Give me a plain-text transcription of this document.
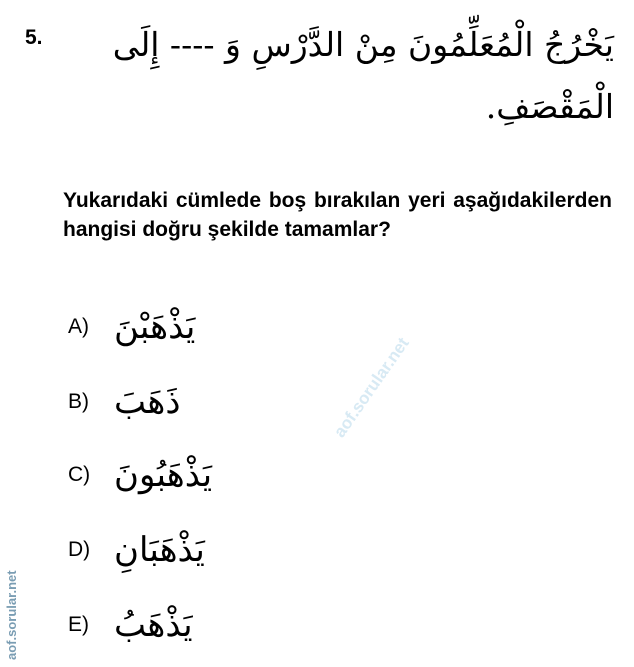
5.	يَخْرُجُ الْمُعَلِّمُونَ مِنْ الدَّرْسِ وَ ---- إِلَى
الْمَقْصَفِ.
Yukarıdaki cümlede boş bırakılan yeri aşağıdakilerden hangisi doğru şekilde tamamlar?
A) يَذْهَبْنَ
B) ذَهَبَ
C) يَذْهَبُونَ
D) يَذْهَبَانِ
E) يَذْهَبُ
aof.sorular.net
aof.sorular.net
